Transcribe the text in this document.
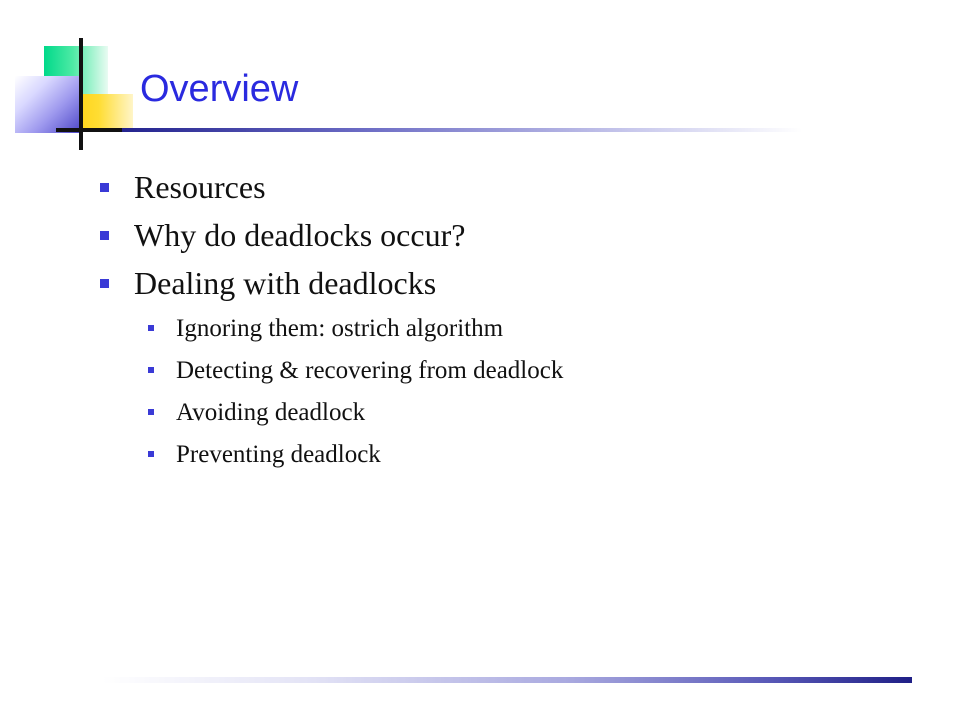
Overview
Resources
Why do deadlocks occur?
Dealing with deadlocks
Ignoring them: ostrich algorithm
Detecting & recovering from deadlock
Avoiding deadlock
Preventing deadlock
